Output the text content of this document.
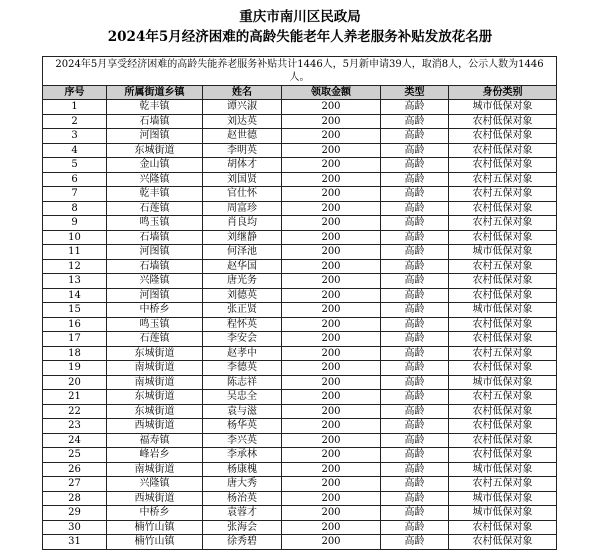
重庆市南川区民政局
2024年5月经济困难的高龄失能老年人养老服务补贴发放花名册
2024年5月享受经济困难的高龄失能养老服务补贴共计1446人，5月新申请39人，取消8人，公示人数为1446人。					
序号	所属街道乡镇	姓名	领取金额	类型	身份类别
1	乾丰镇	谭兴淑	200	高龄	城市低保对象
2	石墙镇	刘达英	200	高龄	农村低保对象
3	河图镇	赵世德	200	高龄	农村低保对象
4	东城街道	李明英	200	高龄	农村低保对象
5	金山镇	胡体才	200	高龄	农村低保对象
6	兴隆镇	刘国贤	200	高龄	农村五保对象
7	乾丰镇	官仕怀	200	高龄	农村五保对象
8	石莲镇	周富珍	200	高龄	农村低保对象
9	鸣玉镇	肖良均	200	高龄	农村五保对象
10	石墙镇	刘继静	200	高龄	农村低保对象
11	河图镇	何泽池	200	高龄	城市低保对象
12	石墙镇	赵华国	200	高龄	农村五保对象
13	兴隆镇	唐光务	200	高龄	农村低保对象
14	河图镇	刘德英	200	高龄	农村低保对象
15	中桥乡	张正贤	200	高龄	城市低保对象
16	鸣玉镇	程怀英	200	高龄	农村低保对象
17	石莲镇	李安会	200	高龄	农村低保对象
18	东城街道	赵孝中	200	高龄	农村五保对象
19	南城街道	李德英	200	高龄	农村低保对象
20	南城街道	陈志祥	200	高龄	城市低保对象
21	东城街道	吴忠全	200	高龄	农村五保对象
22	东城街道	袁与滋	200	高龄	农村低保对象
23	西城街道	杨华英	200	高龄	农村低保对象
24	福寿镇	李兴英	200	高龄	农村低保对象
25	峰岩乡	李承林	200	高龄	农村低保对象
26	南城街道	杨康槐	200	高龄	城市低保对象
27	兴隆镇	唐大秀	200	高龄	农村五保对象
28	西城街道	杨治英	200	高龄	城市低保对象
29	中桥乡	袁蓉才	200	高龄	城市低保对象
30	楠竹山镇	张海会	200	高龄	农村低保对象
31	楠竹山镇	徐秀碧	200	高龄	农村低保对象
